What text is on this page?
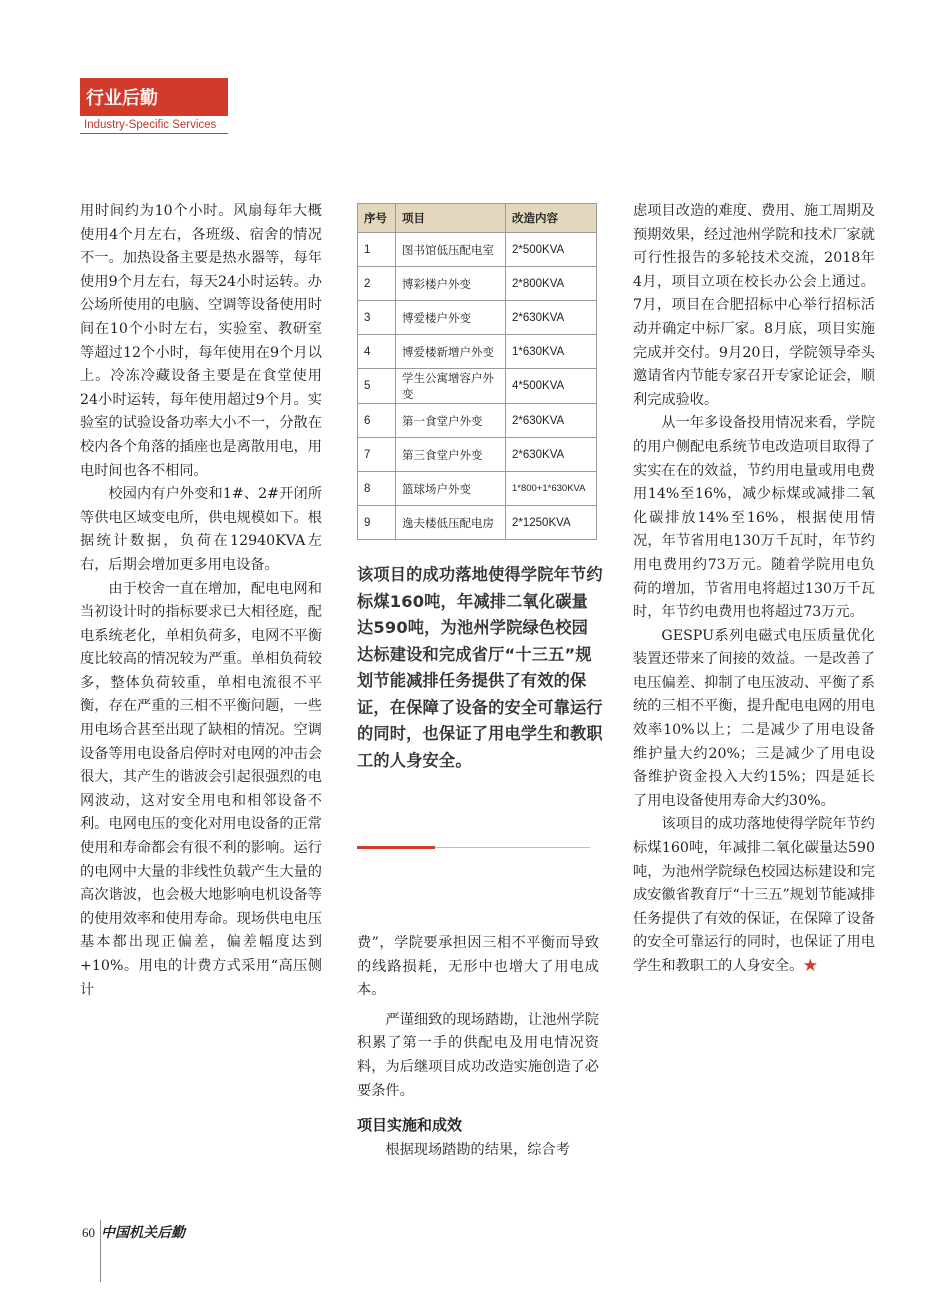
行业后勤
Industry-Specific Services

用时间约为10个小时。风扇每年大概使用4个月左右，各班级、宿舍的情况不一。加热设备主要是热水器等，每年使用9个月左右，每天24小时运转。办公场所使用的电脑、空调等设备使用时间在10个小时左右，实验室、教研室等超过12个小时，每年使用在9个月以上。冷冻冷藏设备主要是在食堂使用24小时运转，每年使用超过9个月。实验室的试验设备功率大小不一，分散在校内各个角落的插座也是离散用电，用电时间也各不相同。

校园内有户外变和1#、2#开闭所等供电区域变电所，供电规模如下。根据统计数据，负荷在12940KVA左右，后期会增加更多用电设备。

由于校舍一直在增加，配电电网和当初设计时的指标要求已大相径庭，配电系统老化，单相负荷多，电网不平衡度比较高的情况较为严重。单相负荷较多，整体负荷较重，单相电流很不平衡，存在严重的三相不平衡问题，一些用电场合甚至出现了缺相的情况。空调设备等用电设备启停时对电网的冲击会很大，其产生的谐波会引起很强烈的电网波动，这对安全用电和相邻设备不利。电网电压的变化对用电设备的正常使用和寿命都会有很不利的影响。运行的电网中大量的非线性负载产生大量的高次谐波，也会极大地影响电机设备等的使用效率和使用寿命。现场供电电压基本都出现正偏差，偏差幅度达到+10%。用电的计费方式采用“高压侧计

序号	项目	改造内容
1	图书馆低压配电室	2*500KVA
2	博彩楼户外变	2*800KVA
3	博爱楼户外变	2*630KVA
4	博爱楼新增户外变	1*630KVA
5	学生公寓增容户外变	4*500KVA
6	第一食堂户外变	2*630KVA
7	第三食堂户外变	2*630KVA
8	篮球场户外变	1*800+1*630KVA
9	逸夫楼低压配电房	2*1250KVA
该项目的成功落地使得学院年节约标煤160吨，年减排二氧化碳量达590吨，为池州学院绿色校园达标建设和完成省厅“十三五”规划节能减排任务提供了有效的保证，在保障了设备的安全可靠运行的同时，也保证了用电学生和教职工的人身安全。

费”，学院要承担因三相不平衡而导致的线路损耗，无形中也增大了用电成本。

严谨细致的现场踏勘，让池州学院积累了第一手的供配电及用电情况资料，为后继项目成功改造实施创造了必要条件。

项目实施和成效

根据现场踏勘的结果，综合考

虑项目改造的难度、费用、施工周期及预期效果，经过池州学院和技术厂家就可行性报告的多轮技术交流，2018年4月，项目立项在校长办公会上通过。7月，项目在合肥招标中心举行招标活动并确定中标厂家。8月底，项目实施完成并交付。9月20日，学院领导牵头邀请省内节能专家召开专家论证会，顺利完成验收。

从一年多设备投用情况来看，学院的用户侧配电系统节电改造项目取得了实实在在的效益，节约用电量或用电费用14%至16%，减少标煤或减排二氧化碳排放14%至16%，根据使用情况，年节省用电130万千瓦时，年节约用电费用约73万元。随着学院用电负荷的增加，节省用电将超过130万千瓦时，年节约电费用也将超过73万元。

GESPU系列电磁式电压质量优化装置还带来了间接的效益。一是改善了电压偏差、抑制了电压波动、平衡了系统的三相不平衡，提升配电电网的用电效率10%以上；二是减少了用电设备维护量大约20%；三是减少了用电设备维护资金投入大约15%；四是延长了用电设备使用寿命大约30%。

该项目的成功落地使得学院年节约标煤160吨，年减排二氧化碳量达590吨，为池州学院绿色校园达标建设和完成安徽省教育厅“十三五”规划节能减排任务提供了有效的保证，在保障了设备的安全可靠运行的同时，也保证了用电学生和教职工的人身安全。★

60 中国机关后勤
